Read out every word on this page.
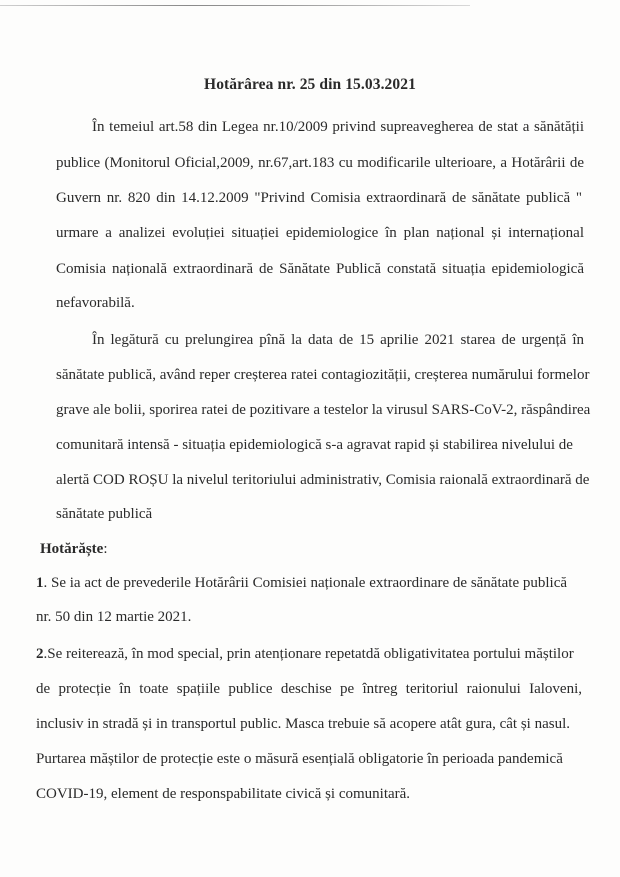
Hotărârea nr. 25 din 15.03.2021
În temeiul art.58 din Legea nr.10/2009 privind supreavegherea de stat a sănătății
publice (Monitorul Oficial,2009, nr.67,art.183 cu modificarile ulterioare, a Hotărârii de
Guvern nr. 820 din 14.12.2009 "Privind Comisia extraordinară de sănătate publică "
urmare a analizei evoluției situației epidemiologice în plan național și internațional
Comisia națională extraordinară de Sănătate Publică constată situația epidemiologică
nefavorabilă.
În legătură cu prelungirea pînă la data de 15 aprilie 2021 starea de urgență în
sănătate publică, având reper creșterea ratei contagiozității, creșterea numărului formelor
grave ale bolii, sporirea ratei de pozitivare a testelor la virusul SARS-CoV-2, răspândirea
comunitară intensă - situația epidemiologică s-a agravat rapid și stabilirea nivelului de
alertă COD ROȘU la nivelul teritoriului administrativ, Comisia raională extraordinară de
sănătate publică
Hotărăște:
1. Se ia act de prevederile Hotărârii Comisiei naționale extraordinare de sănătate publică
nr. 50 din 12 martie 2021.
2.Se reiterează, în mod special, prin atenționare repetatdă obligativitatea portului măștilor
de protecție în toate spațiile publice deschise pe întreg teritoriul raionului Ialoveni,
inclusiv in stradă și in transportul public. Masca trebuie să acopere atât gura, cât și nasul.
Purtarea măștilor de protecție este o măsură esențială obligatorie în perioada pandemică
COVID-19, element de responspabilitate civică și comunitară.
